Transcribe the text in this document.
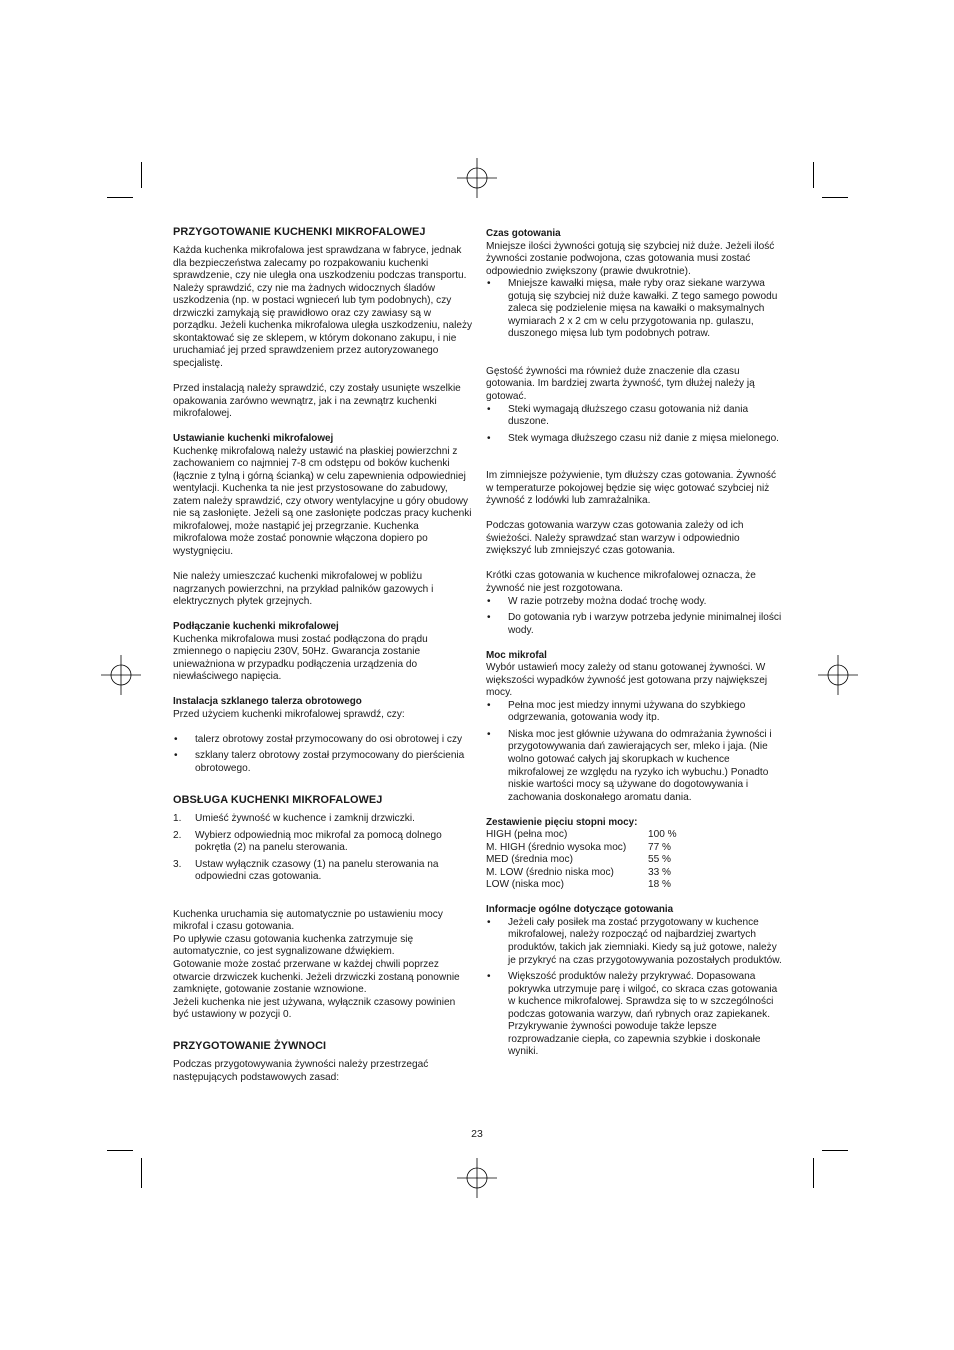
PRZYGOTOWANIE KUCHENKI MIKROFALOWEJ

Każda kuchenka mikrofalowa jest sprawdzana w fabryce, jednak dla bezpieczeństwa zalecamy po rozpakowaniu kuchenki sprawdzenie, czy nie uległa ona uszkodzeniu podczas transportu. Należy sprawdzić, czy nie ma żadnych widocznych śladów uszkodzenia (np. w postaci wgnieceń lub tym podobnych), czy drzwiczki zamykają się prawidłowo oraz czy zawiasy są w porządku. Jeżeli kuchenka mikrofalowa uległa uszkodzeniu, należy skontaktować się ze sklepem, w którym dokonano zakupu, i nie uruchamiać jej przed sprawdzeniem przez autoryzowanego specjalistę.

Przed instalacją należy sprawdzić, czy zostały usunięte wszelkie opakowania zarówno wewnątrz, jak i na zewnątrz kuchenki mikrofalowej.

Ustawianie kuchenki mikrofalowej

Kuchenkę mikrofalową należy ustawić na płaskiej powierzchni z zachowaniem co najmniej 7-8 cm odstępu od boków kuchenki (łącznie z tylną i górną ścianką) w celu zapewnienia odpowiedniej wentylacji. Kuchenka ta nie jest przystosowane do zabudowy, zatem należy sprawdzić, czy otwory wentylacyjne u góry obudowy nie są zasłonięte. Jeżeli są one zasłonięte podczas pracy kuchenki mikrofalowej, może nastąpić jej przegrzanie. Kuchenka mikrofalowa może zostać ponownie włączona dopiero po wystygnięciu.

Nie należy umieszczać kuchenki mikrofalowej w pobliżu nagrzanych powierzchni, na przykład palników gazowych i elektrycznych płytek grzejnych.

Podłączanie kuchenki mikrofalowej

Kuchenka mikrofalowa musi zostać podłączona do prądu zmiennego o napięciu 230V, 50Hz. Gwarancja zostanie unieważniona w przypadku podłączenia urządzenia do niewłaściwego napięcia.

Instalacja szklanego talerza obrotowego

Przed użyciem kuchenki mikrofalowej sprawdź, czy:

• talerz obrotowy został przymocowany do osi obrotowej i czy
• szklany talerz obrotowy został przymocowany do pierścienia obrotowego.
OBSŁUGA KUCHENKI MIKROFALOWEJ
1. Umieść żywność w kuchence i zamknij drzwiczki.
2. Wybierz odpowiednią moc mikrofal za pomocą dolnego pokrętła (2) na panelu sterowania.
3. Ustaw wyłącznik czasowy (1) na panelu sterowania na odpowiedni czas gotowania.

Kuchenka uruchamia się automatycznie po ustawieniu mocy mikrofal i czasu gotowania.

Po upływie czasu gotowania kuchenka zatrzymuje się automatycznie, co jest sygnalizowane dźwiękiem.

Gotowanie może zostać przerwane w każdej chwili poprzez otwarcie drzwiczek kuchenki. Jeżeli drzwiczki zostaną ponownie zamknięte, gotowanie zostanie wznowione.

Jeżeli kuchenka nie jest używana, wyłącznik czasowy powinien być ustawiony w pozycji 0.

PRZYGOTOWANIE ŻYWNOCI

Podczas przygotowywania żywności należy przestrzegać następujących podstawowych zasad:

Czas gotowania

Mniejsze ilości żywności gotują się szybciej niż duże. Jeżeli ilość żywności zostanie podwojona, czas gotowania musi zostać odpowiednio zwiększony (prawie dwukrotnie).

• Mniejsze kawałki mięsa, małe ryby oraz siekane warzywa gotują się szybciej niż duże kawałki. Z tego samego powodu zaleca się podzielenie mięsa na kawałki o maksymalnych wymiarach 2 x 2 cm w celu przygotowania np. gulaszu, duszonego mięsa lub tym podobnych potraw.

Gęstość żywności ma również duże znaczenie dla czasu gotowania. Im bardziej zwarta żywność, tym dłużej należy ją gotować.

• Steki wymagają dłuższego czasu gotowania niż dania duszone.
• Stek wymaga dłuższego czasu niż danie z mięsa mielonego.

Im zimniejsze pożywienie, tym dłuższy czas gotowania. Żywność w temperaturze pokojowej będzie się więc gotować szybciej niż żywność z lodówki lub zamrażalnika.

Podczas gotowania warzyw czas gotowania zależy od ich świeżości. Należy sprawdzać stan warzyw i odpowiednio zwiększyć lub zmniejszyć czas gotowania.

Krótki czas gotowania w kuchence mikrofalowej oznacza, że żywność nie jest rozgotowana.

• W razie potrzeby można dodać trochę wody.
• Do gotowania ryb i warzyw potrzeba jedynie minimalnej ilości wody.
Moc mikrofal

Wybór ustawień mocy zależy od stanu gotowanej żywności. W większości wypadków żywność jest gotowana przy największej mocy.

• Pełna moc jest miedzy innymi używana do szybkiego odgrzewania, gotowania wody itp.
• Niska moc jest głównie używana do odmrażania żywności i przygotowywania dań zawierających ser, mleko i jaja. (Nie wolno gotować całych jaj skorupkach w kuchence mikrofalowej ze względu na ryzyko ich wybuchu.) Ponadto niskie wartości mocy są używane do dogotowywania i zachowania doskonałego aromatu dania.
Zestawienie pięciu stopni mocy:
HIGH (pełna moc)	100 %
M. HIGH (średnio wysoka moc)	77 %
MED (średnia moc)	55 %
M. LOW (średnio niska moc)	33 %
LOW (niska moc)	18 %
Informacje ogólne dotyczące gotowania
• Jeżeli cały posiłek ma zostać przygotowany w kuchence mikrofalowej, należy rozpocząć od najbardziej zwartych produktów, takich jak ziemniaki. Kiedy są już gotowe, należy je przykryć na czas przygotowywania pozostałych produktów.
• Większość produktów należy przykrywać. Dopasowana pokrywka utrzymuje parę i wilgoć, co skraca czas gotowania w kuchence mikrofalowej. Sprawdza się to w szczególności podczas gotowania warzyw, dań rybnych oraz zapiekanek. Przykrywanie żywności powoduje także lepsze rozprowadzanie ciepła, co zapewnia szybkie i doskonałe wyniki.
23
